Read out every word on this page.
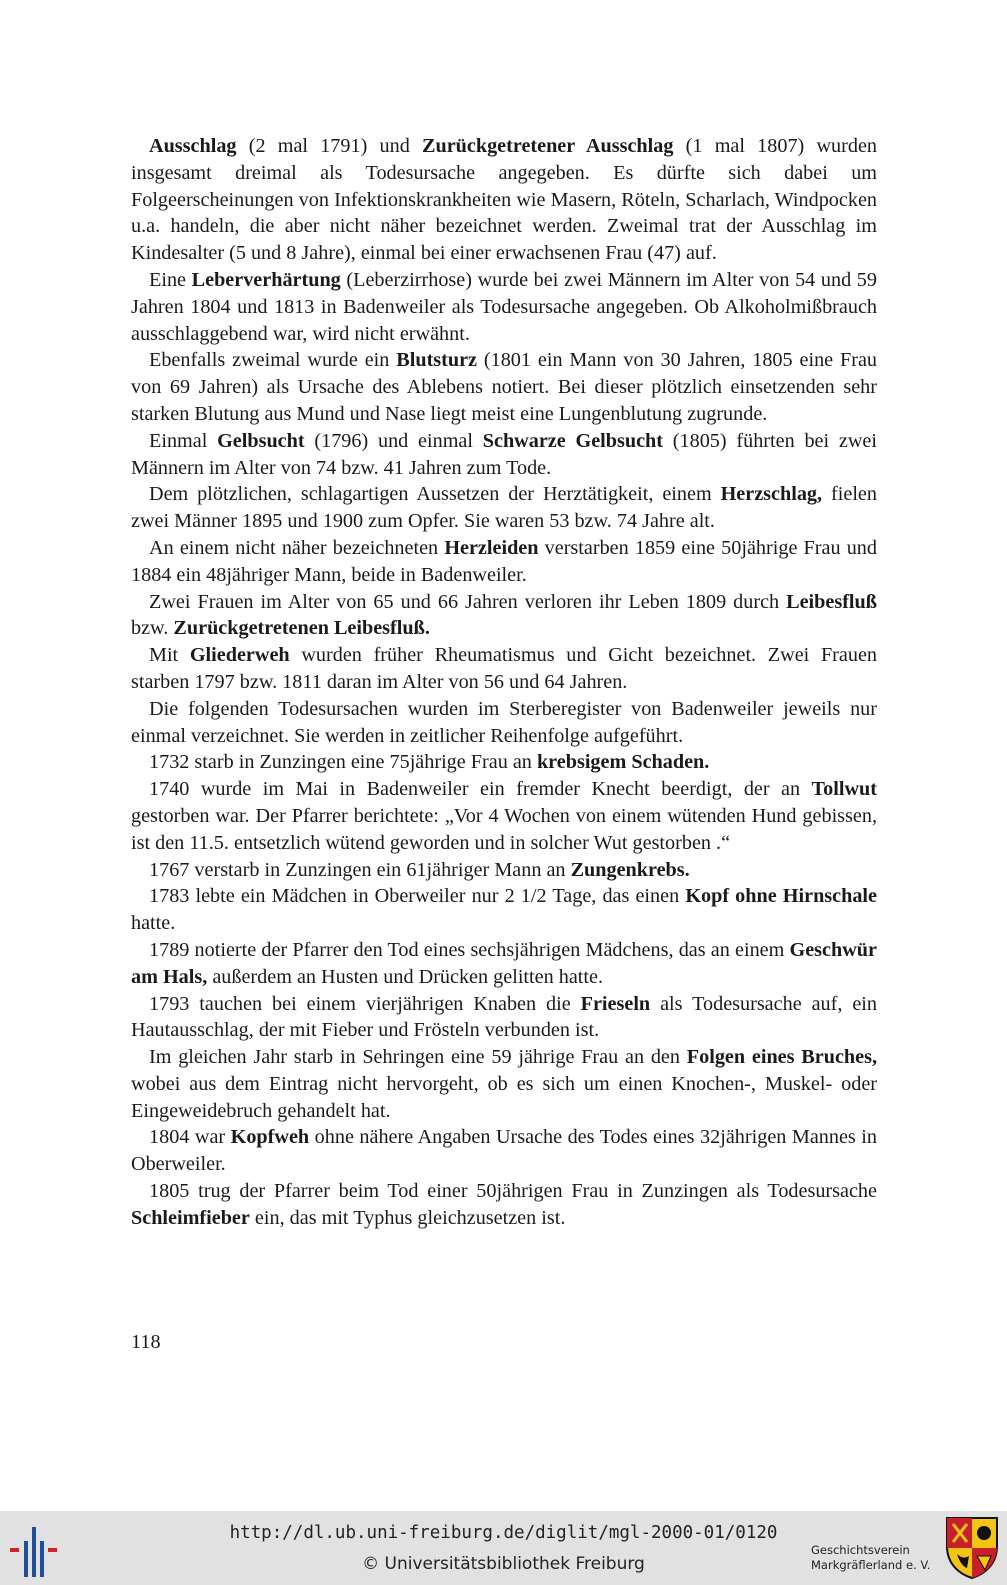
Ausschlag (2 mal 1791) und Zurückgetretener Ausschlag (1 mal 1807) wurden insgesamt dreimal als Todesursache angegeben. Es dürfte sich dabei um Folgeerscheinungen von Infektionskrankheiten wie Masern, Röteln, Scharlach, Windpocken u.a. handeln, die aber nicht näher bezeichnet werden. Zweimal trat der Ausschlag im Kindesalter (5 und 8 Jahre), einmal bei einer erwachsenen Frau (47) auf.

Eine Leberverhärtung (Leberzirrhose) wurde bei zwei Männern im Alter von 54 und 59 Jahren 1804 und 1813 in Badenweiler als Todesursache angegeben. Ob Alkoholmißbrauch ausschlaggebend war, wird nicht erwähnt.

Ebenfalls zweimal wurde ein Blutsturz (1801 ein Mann von 30 Jahren, 1805 eine Frau von 69 Jahren) als Ursache des Ablebens notiert. Bei dieser plötzlich einsetzenden sehr starken Blutung aus Mund und Nase liegt meist eine Lungenblutung zugrunde.

Einmal Gelbsucht (1796) und einmal Schwarze Gelbsucht (1805) führten bei zwei Männern im Alter von 74 bzw. 41 Jahren zum Tode.

Dem plötzlichen, schlagartigen Aussetzen der Herztätigkeit, einem Herzschlag, fielen zwei Männer 1895 und 1900 zum Opfer. Sie waren 53 bzw. 74 Jahre alt.

An einem nicht näher bezeichneten Herzleiden verstarben 1859 eine 50jährige Frau und 1884 ein 48jähriger Mann, beide in Badenweiler.

Zwei Frauen im Alter von 65 und 66 Jahren verloren ihr Leben 1809 durch Leibesfluß bzw. Zurückgetretenen Leibesfluß.

Mit Gliederweh wurden früher Rheumatismus und Gicht bezeichnet. Zwei Frauen starben 1797 bzw. 1811 daran im Alter von 56 und 64 Jahren.

Die folgenden Todesursachen wurden im Sterberegister von Badenweiler jeweils nur einmal verzeichnet. Sie werden in zeitlicher Reihenfolge aufgeführt.

1732 starb in Zunzingen eine 75jährige Frau an krebsigem Schaden.

1740 wurde im Mai in Badenweiler ein fremder Knecht beerdigt, der an Tollwut gestorben war. Der Pfarrer berichtete: „Vor 4 Wochen von einem wütenden Hund gebissen, ist den 11.5. entsetzlich wütend geworden und in solcher Wut gestorben .“

1767 verstarb in Zunzingen ein 61jähriger Mann an Zungenkrebs.

1783 lebte ein Mädchen in Oberweiler nur 2 1/2 Tage, das einen Kopf ohne Hirnschale hatte.

1789 notierte der Pfarrer den Tod eines sechsjährigen Mädchens, das an einem Geschwür am Hals, außerdem an Husten und Drücken gelitten hatte.

1793 tauchen bei einem vierjährigen Knaben die Frieseln als Todesursache auf, ein Hautausschlag, der mit Fieber und Frösteln verbunden ist.

Im gleichen Jahr starb in Sehringen eine 59 jährige Frau an den Folgen eines Bruches, wobei aus dem Eintrag nicht hervorgeht, ob es sich um einen Knochen-, Muskel- oder Eingeweidebruch gehandelt hat.

1804 war Kopfweh ohne nähere Angaben Ursache des Todes eines 32jährigen Mannes in Oberweiler.

1805 trug der Pfarrer beim Tod einer 50jährigen Frau in Zunzingen als Todesursache Schleimfieber ein, das mit Typhus gleichzusetzen ist.

118
http://dl.ub.uni-freiburg.de/diglit/mgl-2000-01/0120
© Universitätsbibliothek Freiburg
Geschichtsverein
Markgräflerland e. V.
